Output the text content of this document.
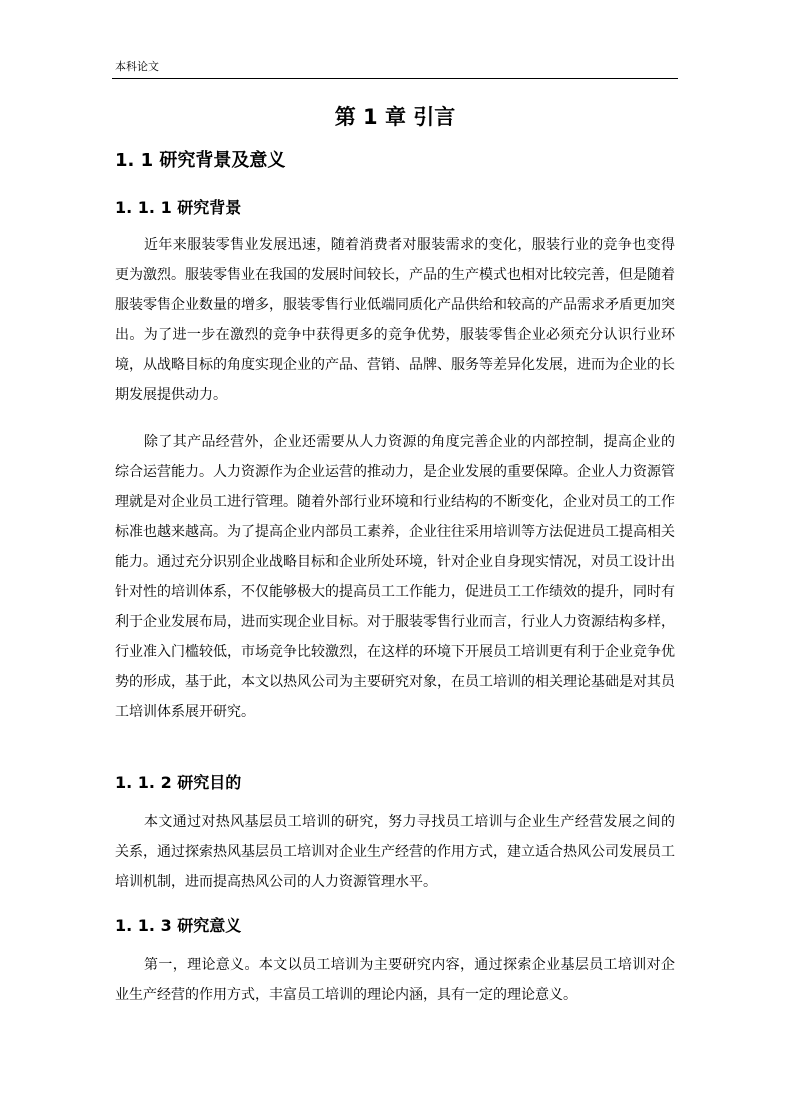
本科论文
第 1 章 引言
1. 1 研究背景及意义
1. 1. 1 研究背景

近年来服装零售业发展迅速，随着消费者对服装需求的变化，服装行业的竞争也变得更为激烈。服装零售业在我国的发展时间较长，产品的生产模式也相对比较完善，但是随着服装零售企业数量的增多，服装零售行业低端同质化产品供给和较高的产品需求矛盾更加突出。为了进一步在激烈的竞争中获得更多的竞争优势，服装零售企业必须充分认识行业环境，从战略目标的角度实现企业的产品、营销、品牌、服务等差异化发展，进而为企业的长期发展提供动力。

除了其产品经营外，企业还需要从人力资源的角度完善企业的内部控制，提高企业的综合运营能力。人力资源作为企业运营的推动力，是企业发展的重要保障。企业人力资源管理就是对企业员工进行管理。随着外部行业环境和行业结构的不断变化，企业对员工的工作标准也越来越高。为了提高企业内部员工素养，企业往往采用培训等方法促进员工提高相关能力。通过充分识别企业战略目标和企业所处环境，针对企业自身现实情况，对员工设计出针对性的培训体系，不仅能够极大的提高员工工作能力，促进员工工作绩效的提升，同时有利于企业发展布局，进而实现企业目标。对于服装零售行业而言，行业人力资源结构多样，行业准入门槛较低，市场竞争比较激烈，在这样的环境下开展员工培训更有利于企业竞争优势的形成，基于此，本文以热风公司为主要研究对象，在员工培训的相关理论基础是对其员工培训体系展开研究。

1. 1. 2 研究目的

本文通过对热风基层员工培训的研究，努力寻找员工培训与企业生产经营发展之间的关系，通过探索热风基层员工培训对企业生产经营的作用方式，建立适合热风公司发展员工培训机制，进而提高热风公司的人力资源管理水平。

1. 1. 3 研究意义

第一，理论意义。本文以员工培训为主要研究内容，通过探索企业基层员工培训对企业生产经营的作用方式，丰富员工培训的理论内涵，具有一定的理论意义。
